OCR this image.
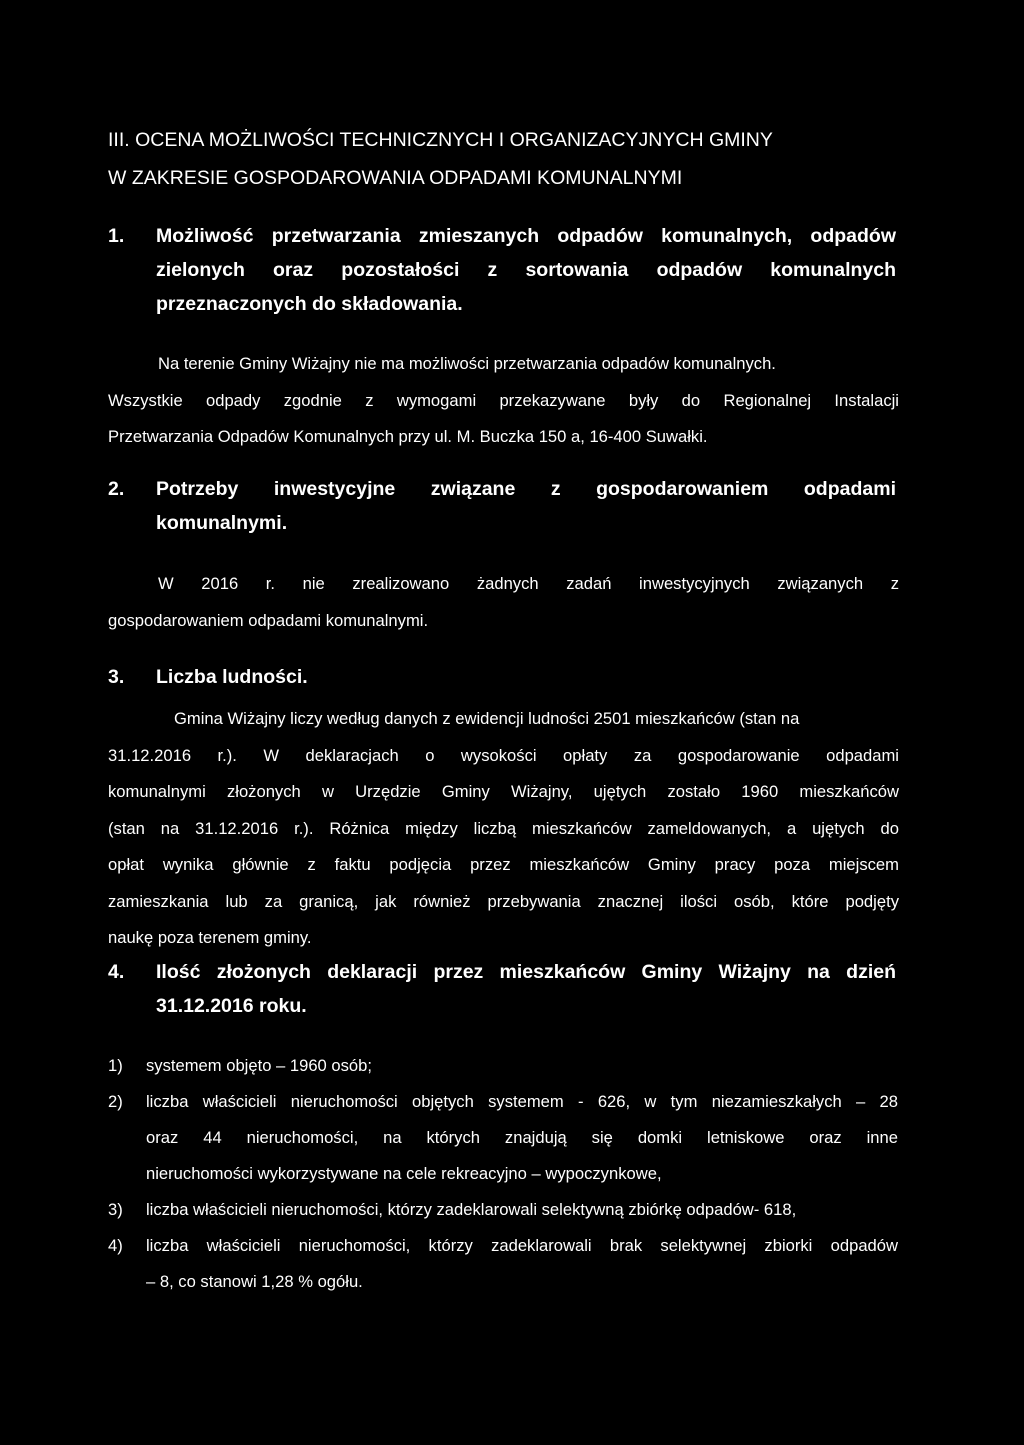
III. OCENA MOŻLIWOŚCI TECHNICZNYCH I ORGANIZACYJNYCH GMINY
W ZAKRESIE GOSPODAROWANIA ODPADAMI KOMUNALNYMI
1. Możliwość przetwarzania zmieszanych odpadów komunalnych, odpadów
zielonych oraz pozostałości z sortowania odpadów komunalnych
przeznaczonych do składowania.
Na terenie Gminy Wiżajny nie ma możliwości przetwarzania odpadów komunalnych.
Wszystkie odpady zgodnie z wymogami przekazywane były do Regionalnej Instalacji
Przetwarzania Odpadów Komunalnych przy ul. M. Buczka 150 a, 16-400 Suwałki.
2. Potrzeby inwestycyjne związane z gospodarowaniem odpadami
komunalnymi.
W 2016 r. nie zrealizowano żadnych zadań inwestycyjnych związanych z
gospodarowaniem odpadami komunalnymi.
3. Liczba ludności.
Gmina Wiżajny liczy według danych z ewidencji ludności 2501 mieszkańców (stan na
31.12.2016 r.). W deklaracjach o wysokości opłaty za gospodarowanie odpadami
komunalnymi złożonych w Urzędzie Gminy Wiżajny, ujętych zostało 1960 mieszkańców
(stan na 31.12.2016 r.). Różnica między liczbą mieszkańców zameldowanych, a ujętych do
opłat wynika głównie z faktu podjęcia przez mieszkańców Gminy pracy poza miejscem
zamieszkania lub za granicą, jak również przebywania znacznej ilości osób, które podjęty
naukę poza terenem gminy.
4. Ilość złożonych deklaracji przez mieszkańców Gminy Wiżajny na dzień
31.12.2016 roku.
1) systemem objęto – 1960 osób;
2) liczba właścicieli nieruchomości objętych systemem - 626, w tym niezamieszkałych – 28
oraz 44 nieruchomości, na których znajdują się domki letniskowe oraz inne
nieruchomości wykorzystywane na cele rekreacyjno – wypoczynkowe,
3) liczba właścicieli nieruchomości, którzy zadeklarowali selektywną zbiórkę odpadów- 618,
4) liczba właścicieli nieruchomości, którzy zadeklarowali brak selektywnej zbiorki odpadów
– 8, co stanowi 1,28 % ogółu.
